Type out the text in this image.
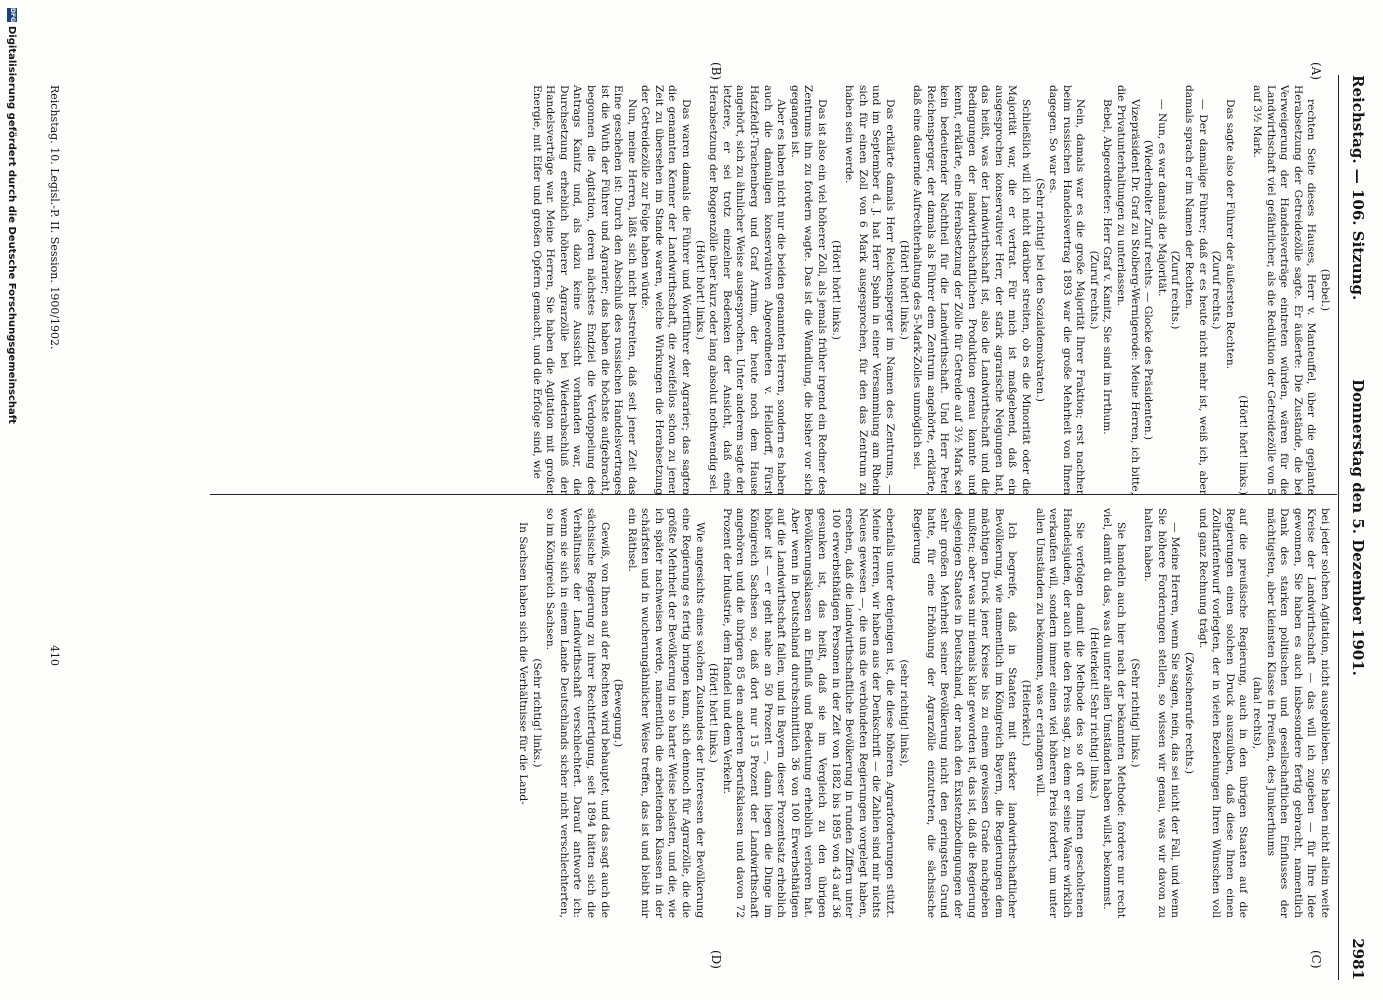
Reichstag. — 106. Sitzung.
Donnerstag den 5. Dezember 1901.
2981
(A)
(B)
(C)
(D)

(Bebel.)

rechten Seite dieses Hauses, Herr v. Manteuffel, über die geplante Herabsetzung der Getreidezölle sagte. Er äußerte: Die Zustände, die bei Verweigerung der Handelsverträge eintreten würden, wären für die Landwirthschaft viel gefährlicher, als die Reduktion der Getreidezölle von 5 auf 3½ Mark.

(Hört! hört! links.)

Das sagte also der Führer der äußersten Rechten.

(Zuruf rechts.)

— Der damalige Führer; daß er es heute nicht mehr ist, weiß ich, aber damals sprach er im Namen der Rechten.

(Zuruf rechts.)

— Nun, es war damals die Majorität.

(Wiederholter Zuruf rechts. — Glocke des Präsidenten.)

Vizepräsident Dr. Graf zu Stolberg-Wernigerode: Meine Herren, ich bitte, die Privatunterhaltungen zu unterlassen.

Bebel, Abgeordneter: Herr Graf v. Kanitz, Sie sind im Irrthum.

(Zuruf rechts.)

Nein, damals war es die große Majorität Ihrer Fraktion; erst nachher beim russischen Handelsvertrag 1893 war die große Mehrheit von Ihnen dagegen. So war es.

(Sehr richtig! bei den Sozialdemokraten.)

Schließlich will ich nicht darüber streiten, ob es die Minorität oder die Majorität war, die er vertrat. Für mich ist maßgebend, daß ein ausgesprochen konservativer Herr, der stark agrarische Neigungen hat, das heißt, was der Landwirthschaft ist, also die Landwirthschaft und die Bedingungen der landwirthschaftlichen Produktion genau kannte und kennt, erklärte, eine Herabsetzung der Zölle für Getreide auf 3½ Mark sei kein bedeutender Nachtheil für die Landwirthschaft. Und Herr Peter Reichensperger, der damals als Führer dem Zentrum angehörte, erklärte, daß eine dauernde Aufrechterhaltung des 5-Mark-Zolles unmöglich sei.

(Hört! hört! links.)

Das erklärte damals Herr Reichensperger im Namen des Zentrums, — und im September d. J. hat Herr Spahn in einer Versammlung am Rhein sich für einen Zoll von 6 Mark ausgesprochen, für den das Zentrum zu haben sein werde.

(Hört! hört! links.)

Das ist also ein viel höherer Zoll, als jemals früher irgend ein Redner des Zentrums ihn zu fordern wagte. Das ist die Wandlung, die bisher vor sich gegangen ist.

Aber es haben nicht nur die beiden genannten Herren, sondern es haben auch die damaligen konservativen Abgeordneten v. Helldorff, Fürst Hatzfeldt-Trachenberg und Graf Arnim, der heute noch dem Hause angehört, sich zu ähnlicher Weise ausgesprochen. Unter anderem sagte der letztere, er sei trotz einzelner Bedenken der Ansicht, daß eine Herabsetzung der Roggenzölle über kurz oder lang absolut nothwendig sei.

(Hört! hört! links.)

Das waren damals die Führer und Wortführer der Agrarier; das sagten die genannten Kenner der Landwirthschaft, die zweifellos schon zu jener Zeit zu übersehen im Stande waren, welche Wirkungen die Herabsetzung der Getreidezölle zur Folge haben würde.

Nun, meine Herren, läßt sich nicht bestreiten, daß seit jener Zeit das Eine geschehen ist: Durch den Abschluß des russischen Handelsvertrages ist die Wuth der Führer und Agrarier; das haben die höchste aufgebracht, begonnen die Agitation, deren nächstes Endziel die Verdoppelung des Antrags Kanitz und, als dazu keine Aussicht vorhanden war, die Durchsetzung erheblich höherer Agrarzölle bei Wiederabschluß der Handelsverträge war. Meine Herren, Sie haben die Agitation mit großer Energie, mit Eifer und großen Opfern gemacht, und die Erfolge sind, wie

bei jeder solchen Agitation, nicht ausgeblieben. Sie haben nicht allein weite Kreise der Landwirthschaft — das will ich zugeben — für Ihre Idee gewonnen, Sie haben es auch insbesondere fertig gebracht, namentlich Dank des starken politischen und gesellschaftlichen Einflusses der mächtigsten, aber kleinsten Klasse in Preußen, des Junkerthums

(aha! rechts),

auf die preußische Regierung, auch in den übrigen Staaten auf die Regierungen einen solchen Druck auszuüben, daß diese Ihnen einen Zolltarifentwurf vorlegten, der in vielen Beziehungen Ihren Wünschen voll und ganz Rechnung trägt.

(Zwischenrufe rechts.)

— Meine Herren, wenn Sie sagen, nein, das sei nicht der Fall, und wenn Sie höhere Forderungen stellen, so wissen wir genau, was wir davon zu halten haben.

(Sehr richtig! links.)

Sie handeln auch hier nach der bekannten Methode: fordere nur recht viel, damit du das, was du unter allen Umständen haben willst, bekommst.

(Heiterkeit! Sehr richtig! links.)

Sie verfolgen damit die Methode des so oft von Ihnen gescholtenen Handelsjuden, der auch nie den Preis sagt, zu dem er seine Waare wirklich verkaufen will, sondern immer einen viel höheren Preis fordert, um unter allen Umständen zu bekommen, was er erlangen will.

(Heiterkeit.)

Ich begreife, daß in Staaten mit starker landwirthschaftlicher Bevölkerung, wie namentlich im Königreich Bayern, die Regierungen dem mächtigen Druck jener Kreise bis zu einem gewissen Grade nachgeben mußten; aber was mir niemals klar geworden ist, das ist, daß die Regierung desjenigen Staates in Deutschland, der nach den Existenzbedingungen der sehr großen Mehrheit seiner Bevölkerung nicht den geringsten Grund hatte, für eine Erhöhung der Agrarzölle einzutreten, die sächsische Regierung

(sehr richtig! links),

ebenfalls unter denjenigen ist, die diese höheren Agrarforderungen stützt. Meine Herren, wir haben aus der Denkschrift — die Zahlen sind mir nichts Neues gewesen —, die uns die verbündeten Regierungen vorgelegt haben, ersehen, daß die landwirthschaftliche Bevölkerung in runden Ziffern unter 100 erwerbsthätigen Personen in der Zeit von 1882 bis 1895 von 43 auf 36 gesunken ist, das heißt, daß sie im Vergleich zu den übrigen Bevölkerungsklassen an Einfluß und Bedeutung erheblich verloren hat. Aber wenn in Deutschland durchschnittlich 36 von 100 Erwerbsthätigen auf die Landwirthschaft fallen, und in Bayern dieser Prozentsatz erheblich höher ist — er geht nahe an 50 Prozent —, dann liegen die Dinge im Königreich Sachsen so, daß dort nur 15 Prozent der Landwirthschaft angehören und die übrigen 85 den anderen Berufsklassen und davon 72 Prozent der Industrie, dem Handel und dem Verkehr.

(Hört! hört! links.)

Wie angesichts eines solchen Zustandes der Interessen der Bevölkerung eine Regierung es fertig bringen kann, sich dennoch für Agrarzölle, die die größte Mehrheit der Bevölkerung in so harter Weise belasten, und die, wie ich später nachweisen werde, namentlich die arbeitenden Klassen in der schärfsten und in wucherungähnlicher Weise treffen, das ist und bleibt mir ein Räthsel.

(Bewegung.)

Gewiß, von Ihnen auf der Rechten wird behauptet, und das sagt auch die sächsische Regierung zu ihrer Rechtfertigung, seit 1894 hätten sich die Verhältnisse der Landwirthschaft verschlechtert. Darauf antworte ich: wenn sie sich in einem Lande Deutschlands sicher nicht verschlechterten, so im Königreich Sachsen.

(Sehr richtig! links.)

In Sachsen haben sich die Verhältnisse für die Land-

Reichstag. 10. Legisl.-P. II. Session. 1900/1902.
410
DFGDigitalisierung gefördert durch die Deutsche Forschungsgemeinschaft
